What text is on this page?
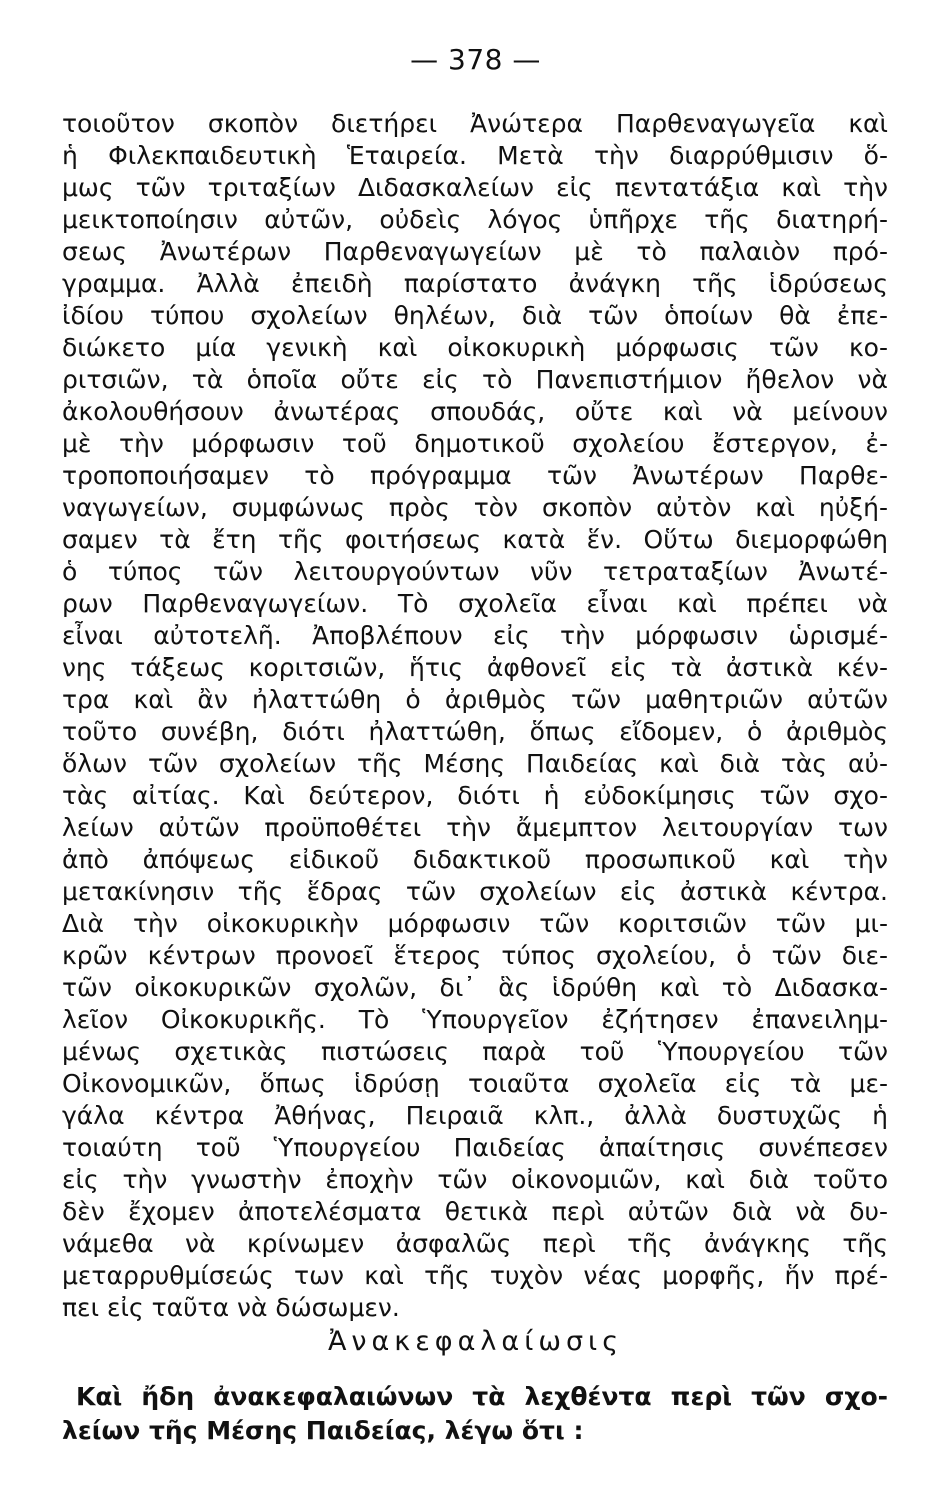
— 378 —
τοιοῦτον σκοπὸν διετήρει Ἀνώτερα Παρθεναγωγεῖα καὶ
ἡ Φιλεκπαιδευτικὴ Ἑταιρεία. Μετὰ τὴν διαρρύθμισιν ὅ-
μως τῶν τριταξίων Διδασκαλείων εἰς πεντατάξια καὶ τὴν
μεικτοποίησιν αὐτῶν, οὐδεὶς λόγος ὑπῆρχε τῆς διατηρή-
σεως Ἀνωτέρων Παρθεναγωγείων μὲ τὸ παλαιὸν πρό-
γραμμα. Ἀλλὰ ἐπειδὴ παρίστατο ἀνάγκη τῆς ἱδρύσεως
ἰδίου τύπου σχολείων θηλέων, διὰ τῶν ὁποίων θὰ ἐπε-
διώκετο μία γενικὴ καὶ οἰκοκυρικὴ μόρφωσις τῶν κο-
ριτσιῶν, τὰ ὁποῖα οὔτε εἰς τὸ Πανεπιστήμιον ἤθελον νὰ
ἀκολουθήσουν ἀνωτέρας σπουδάς, οὔτε καὶ νὰ μείνουν
μὲ τὴν μόρφωσιν τοῦ δημοτικοῦ σχολείου ἔστεργον, ἐ-
τροποποιήσαμεν τὸ πρόγραμμα τῶν Ἀνωτέρων Παρθε-
ναγωγείων, συμφώνως πρὸς τὸν σκοπὸν αὐτὸν καὶ ηὐξή-
σαμεν τὰ ἔτη τῆς φοιτήσεως κατὰ ἕν. Οὕτω διεμορφώθη
ὁ τύπος τῶν λειτουργούντων νῦν τετραταξίων Ἀνωτέ-
ρων Παρθεναγωγείων. Τὸ σχολεῖα εἶναι καὶ πρέπει νὰ
εἶναι αὐτοτελῆ. Ἀποβλέπουν εἰς τὴν μόρφωσιν ὡρισμέ-
νης τάξεως κοριτσιῶν, ἥτις ἀφθονεῖ εἰς τὰ ἀστικὰ κέν-
τρα καὶ ἂν ἠλαττώθη ὁ ἀριθμὸς τῶν μαθητριῶν αὐτῶν
τοῦτο συνέβη, διότι ἠλαττώθη, ὅπως εἴδομεν, ὁ ἀριθμὸς
ὅλων τῶν σχολείων τῆς Μέσης Παιδείας καὶ διὰ τὰς αὐ-
τὰς αἰτίας. Καὶ δεύτερον, διότι ἡ εὐδοκίμησις τῶν σχο-
λείων αὐτῶν προϋποθέτει τὴν ἄμεμπτον λειτουργίαν των
ἀπὸ ἀπόψεως εἰδικοῦ διδακτικοῦ προσωπικοῦ καὶ τὴν
μετακίνησιν τῆς ἕδρας τῶν σχολείων εἰς ἀστικὰ κέντρα.
Διὰ τὴν οἰκοκυρικὴν μόρφωσιν τῶν κοριτσιῶν τῶν μι-
κρῶν κέντρων προνοεῖ ἕτερος τύπος σχολείου, ὁ τῶν διε-
τῶν οἰκοκυρικῶν σχολῶν, δι᾿ ἃς ἱδρύθη καὶ τὸ Διδασκα-
λεῖον Οἰκοκυρικῆς. Τὸ Ὑπουργεῖον ἐζήτησεν ἐπανειλημ-
μένως σχετικὰς πιστώσεις παρὰ τοῦ Ὑπουργείου τῶν
Οἰκονομικῶν, ὅπως ἱδρύσῃ τοιαῦτα σχολεῖα εἰς τὰ με-
γάλα κέντρα Ἀθήνας, Πειραιᾶ κλπ., ἀλλὰ δυστυχῶς ἡ
τοιαύτη τοῦ Ὑπουργείου Παιδείας ἀπαίτησις συνέπεσεν
εἰς τὴν γνωστὴν ἐποχὴν τῶν οἰκονομιῶν, καὶ διὰ τοῦτο
δὲν ἔχομεν ἀποτελέσματα θετικὰ περὶ αὐτῶν διὰ νὰ δυ-
νάμεθα νὰ κρίνωμεν ἀσφαλῶς περὶ τῆς ἀνάγκης τῆς
μεταρρυθμίσεώς των καὶ τῆς τυχὸν νέας μορφῆς, ἥν πρέ-
πει εἰς ταῦτα νὰ δώσωμεν.
Ἀνακεφαλαίωσις
Καὶ ἤδη ἀνακεφαλαιώνων τὰ λεχθέντα περὶ τῶν σχο-
λείων τῆς Μέσης Παιδείας, λέγω ὅτι :
